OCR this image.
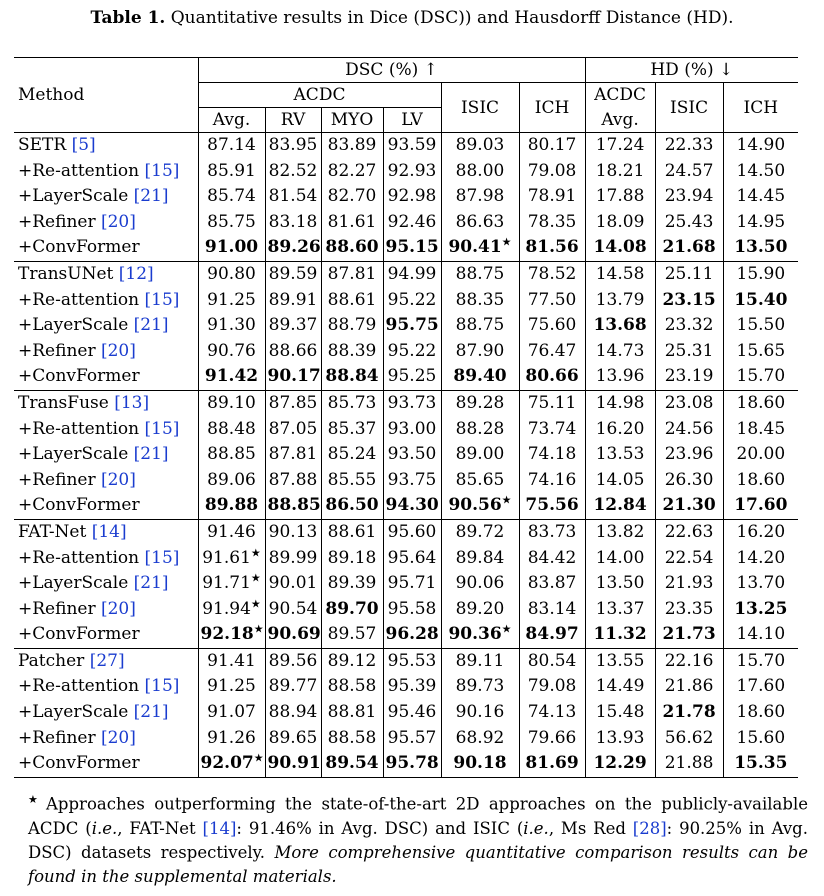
Table 1. Quantitative results in Dice (DSC)) and Hausdorff Distance (HD).
Method	DSC (%) ↑						HD (%) ↓		
	ACDC				ISIC	ICH	ACDC	ISIC	ICH
	Avg.	RV	MYO	LV			Avg.		
SETR [5]	87.14	83.95	83.89	93.59	89.03	80.17	17.24	22.33	14.90
+Re-attention [15]	85.91	82.52	82.27	92.93	88.00	79.08	18.21	24.57	14.50
+LayerScale [21]	85.74	81.54	82.70	92.98	87.98	78.91	17.88	23.94	14.45
+Refiner [20]	85.75	83.18	81.61	92.46	86.63	78.35	18.09	25.43	14.95
+ConvFormer	91.00	89.26	88.60	95.15	90.41★	81.56	14.08	21.68	13.50
TransUNet [12]	90.80	89.59	87.81	94.99	88.75	78.52	14.58	25.11	15.90
+Re-attention [15]	91.25	89.91	88.61	95.22	88.35	77.50	13.79	23.15	15.40
+LayerScale [21]	91.30	89.37	88.79	95.75	88.75	75.60	13.68	23.32	15.50
+Refiner [20]	90.76	88.66	88.39	95.22	87.90	76.47	14.73	25.31	15.65
+ConvFormer	91.42	90.17	88.84	95.25	89.40	80.66	13.96	23.19	15.70
TransFuse [13]	89.10	87.85	85.73	93.73	89.28	75.11	14.98	23.08	18.60
+Re-attention [15]	88.48	87.05	85.37	93.00	88.28	73.74	16.20	24.56	18.45
+LayerScale [21]	88.85	87.81	85.24	93.50	89.00	74.18	13.53	23.96	20.00
+Refiner [20]	89.06	87.88	85.55	93.75	85.65	74.16	14.05	26.30	18.60
+ConvFormer	89.88	88.85	86.50	94.30	90.56★	75.56	12.84	21.30	17.60
FAT-Net [14]	91.46	90.13	88.61	95.60	89.72	83.73	13.82	22.63	16.20
+Re-attention [15]	91.61★	89.99	89.18	95.64	89.84	84.42	14.00	22.54	14.20
+LayerScale [21]	91.71★	90.01	89.39	95.71	90.06	83.87	13.50	21.93	13.70
+Refiner [20]	91.94★	90.54	89.70	95.58	89.20	83.14	13.37	23.35	13.25
+ConvFormer	92.18★	90.69	89.57	96.28	90.36★	84.97	11.32	21.73	14.10
Patcher [27]	91.41	89.56	89.12	95.53	89.11	80.54	13.55	22.16	15.70
+Re-attention [15]	91.25	89.77	88.58	95.39	89.73	79.08	14.49	21.86	17.60
+LayerScale [21]	91.07	88.94	88.81	95.46	90.16	74.13	15.48	21.78	18.60
+Refiner [20]	91.26	89.65	88.58	95.57	68.92	79.66	13.93	56.62	15.60
+ConvFormer	92.07★	90.91	89.54	95.78	90.18	81.69	12.29	21.88	15.35
★ Approaches outperforming the state-of-the-art 2D approaches on the publicly-available ACDC (i.e., FAT-Net [14]: 91.46% in Avg. DSC) and ISIC (i.e., Ms Red [28]: 90.25% in Avg. DSC) datasets respectively. More comprehensive quantitative comparison results can be found in the supplemental materials.
